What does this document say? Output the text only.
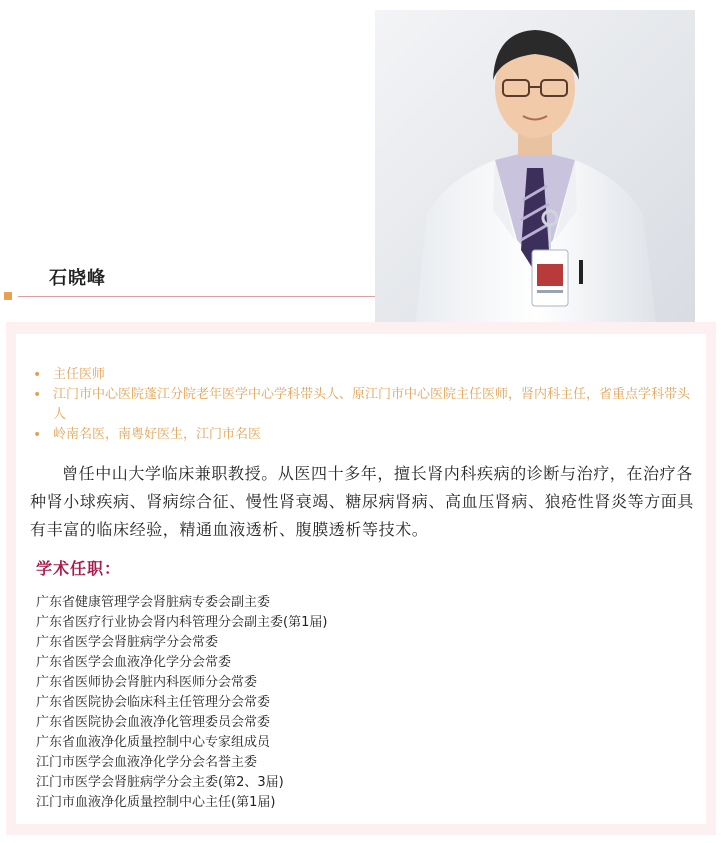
石晓峰
• 主任医师
• 江门市中心医院蓬江分院老年医学中心学科带头人、原江门市中心医院主任医师，肾内科主任，省重点学科带头人
• 岭南名医，南粤好医生，江门市名医

曾任中山大学临床兼职教授。从医四十多年，擅长肾内科疾病的诊断与治疗，在治疗各种肾小球疾病、肾病综合征、慢性肾衰竭、糖尿病肾病、高血压肾病、狼疮性肾炎等方面具有丰富的临床经验，精通血液透析、腹膜透析等技术。

学术任职：
广东省健康管理学会肾脏病专委会副主委
广东省医疗行业协会肾内科管理分会副主委(第1届)
广东省医学会肾脏病学分会常委
广东省医学会血液净化学分会常委
广东省医师协会肾脏内科医师分会常委
广东省医院协会临床科主任管理分会常委
广东省医院协会血液净化管理委员会常委
广东省血液净化质量控制中心专家组成员
江门市医学会血液净化学分会名誉主委
江门市医学会肾脏病学分会主委(第2、3届)
江门市血液净化质量控制中心主任(第1届)
